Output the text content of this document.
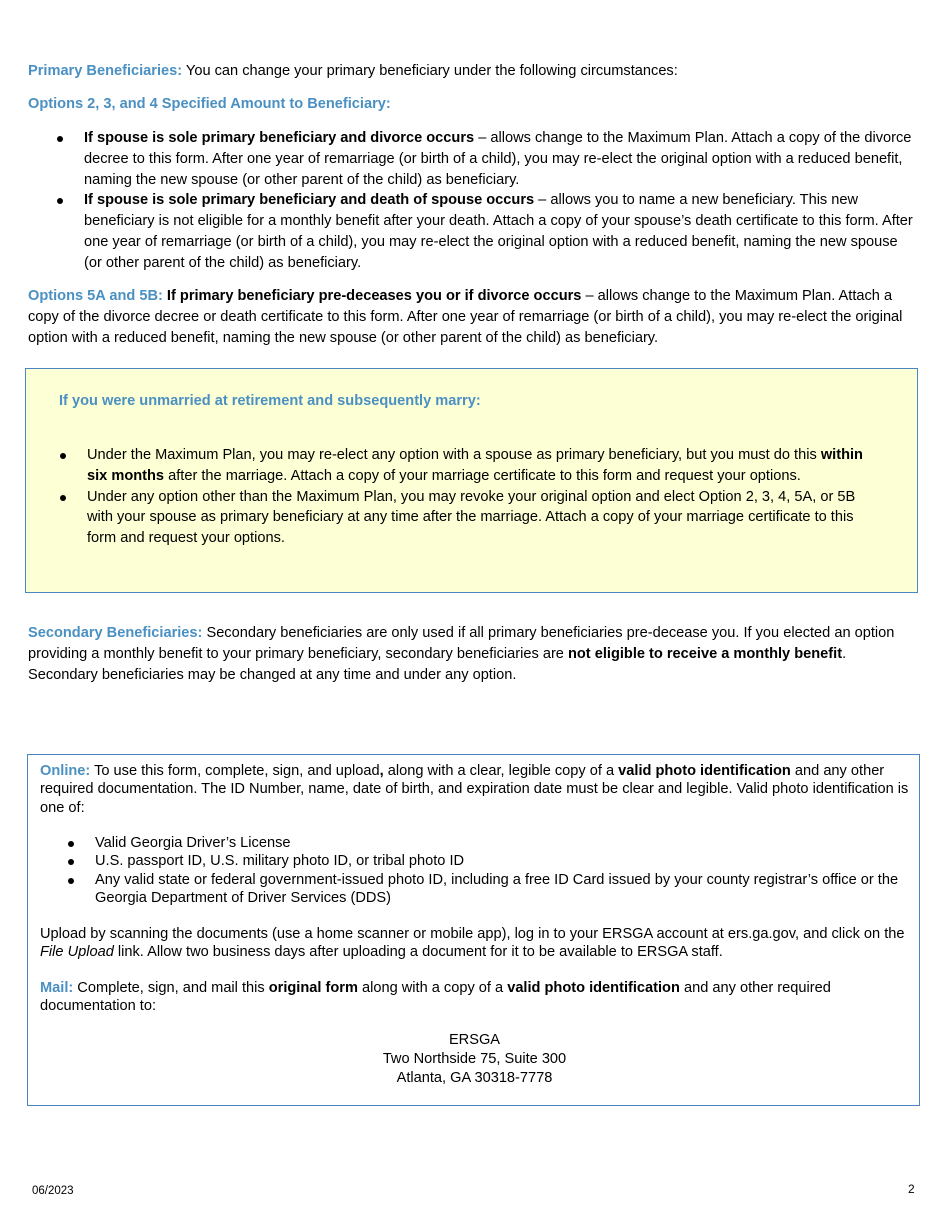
Primary Beneficiaries: You can change your primary beneficiary under the following circumstances:

Options 2, 3, and 4 Specified Amount to Beneficiary:

If spouse is sole primary beneficiary and divorce occurs – allows change to the Maximum Plan. Attach a copy of the divorce decree to this form. After one year of remarriage (or birth of a child), you may re-elect the original option with a reduced benefit, naming the new spouse (or other parent of the child) as beneficiary.
If spouse is sole primary beneficiary and death of spouse occurs – allows you to name a new beneficiary. This new beneficiary is not eligible for a monthly benefit after your death. Attach a copy of your spouse’s death certificate to this form. After one year of remarriage (or birth of a child), you may re-elect the original option with a reduced benefit, naming the new spouse (or other parent of the child) as beneficiary.

Options 5A and 5B: If primary beneficiary pre-deceases you or if divorce occurs – allows change to the Maximum Plan. Attach a copy of the divorce decree or death certificate to this form. After one year of remarriage (or birth of a child), you may re-elect the original option with a reduced benefit, naming the new spouse (or other parent of the child) as beneficiary.

If you were unmarried at retirement and subsequently marry:

Under the Maximum Plan, you may re-elect any option with a spouse as primary beneficiary, but you must do this within six months after the marriage. Attach a copy of your marriage certificate to this form and request your options.
Under any option other than the Maximum Plan, you may revoke your original option and elect Option 2, 3, 4, 5A, or 5B with your spouse as primary beneficiary at any time after the marriage. Attach a copy of your marriage certificate to this form and request your options.

Secondary Beneficiaries: Secondary beneficiaries are only used if all primary beneficiaries pre-decease you. If you elected an option providing a monthly benefit to your primary beneficiary, secondary beneficiaries are not eligible to receive a monthly benefit. Secondary beneficiaries may be changed at any time and under any option.

Online: To use this form, complete, sign, and upload, along with a clear, legible copy of a valid photo identification and any other required documentation. The ID Number, name, date of birth, and expiration date must be clear and legible. Valid photo identification is one of:

Valid Georgia Driver’s License
U.S. passport ID, U.S. military photo ID, or tribal photo ID
Any valid state or federal government-issued photo ID, including a free ID Card issued by your county registrar’s office or the Georgia Department of Driver Services (DDS)

Upload by scanning the documents (use a home scanner or mobile app), log in to your ERSGA account at ers.ga.gov, and click on the File Upload link. Allow two business days after uploading a document for it to be available to ERSGA staff.

Mail: Complete, sign, and mail this original form along with a copy of a valid photo identification and any other required documentation to:

ERSGA
Two Northside 75, Suite 300
Atlanta, GA 30318-7778
06/2023	2
